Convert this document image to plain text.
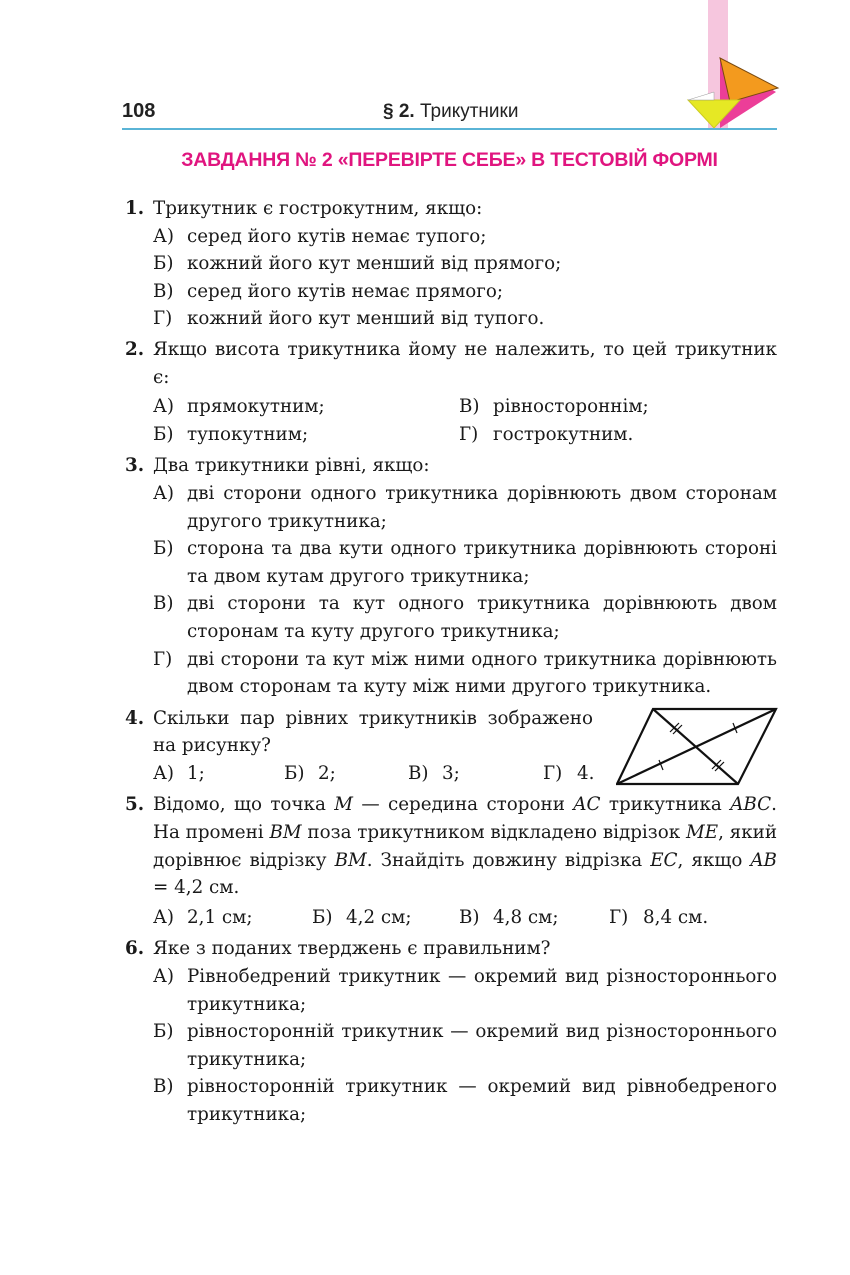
108	§ 2. Трикутники
ЗАВДАННЯ № 2 «ПЕРЕВІРТЕ СЕБЕ» В ТЕСТОВІЙ ФОРМІ
1. Трикутник є гострокутним, якщо:
А) серед його кутів немає тупого;
Б) кожний його кут менший від прямого;
В) серед його кутів немає прямого;
Г) кожний його кут менший від тупого.
2. Якщо висота трикутника йому не належить, то цей трикутник є:
А) прямокутним;	В) рівностороннім;
Б) тупокутним;	Г) гострокутним.
3. Два трикутники рівні, якщо:
А) дві сторони одного трикутника дорівнюють двом сторонам другого трикутника;
Б) сторона та два кути одного трикутника дорівнюють стороні та двом кутам другого трикутника;
В) дві сторони та кут одного трикутника дорівнюють двом сторонам та куту другого трикутника;
Г) дві сторони та кут між ними одного трикутника дорівнюють двом сторонам та куту між ними другого трикутника.
4. Скільки пар рівних трикутників зображено на рисунку?
А) 1;	Б) 2;	В) 3;	Г) 4.
5. Відомо, що точка M — середина сторони AC трикутника ABC. На промені BM поза трикутником відкладено відрізок ME, який дорівнює відрізку BM. Знайдіть довжину відрізка EC, якщо AB = 4,2 см.
А) 2,1 см;	Б) 4,2 см;	В) 4,8 см;	Г) 8,4 см.
6. Яке з поданих тверджень є правильним?
А) Рівнобедрений трикутник — окремий вид різностороннього трикутника;
Б) рівносторонній трикутник — окремий вид різностороннього трикутника;
В) рівносторонній трикутник — окремий вид рівнобедреного трикутника;
